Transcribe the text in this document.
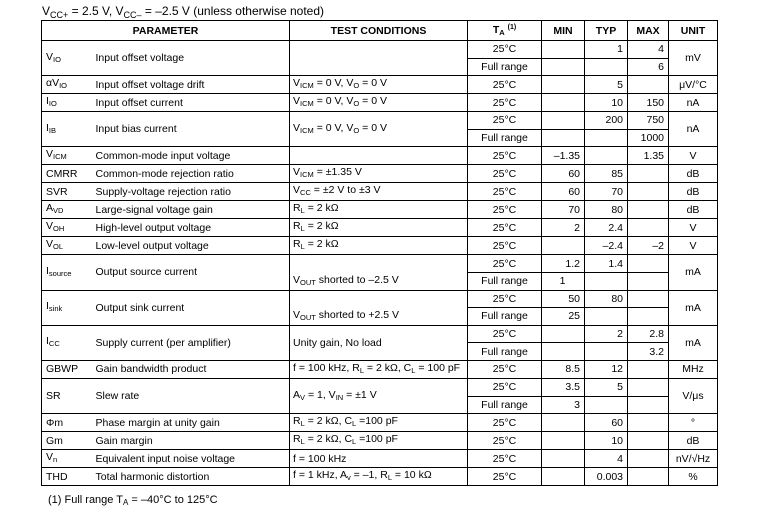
$V_{CC+} = 2.5$ V, $V_{CC-} = -2.5$ V (unless otherwise noted)
PARAMETER		TEST CONDITIONS	$T_A$ $^{(1)}$	MIN	TYP	MAX	UNIT
$V_{IO}$	Input offset voltage		25°C		1	4	mV
			Full range			6	
$\alpha V_{IO}$	Input offset voltage drift	$V_{ICM} = 0$ V, $V_O = 0$ V	25°C		5		μV/°C
$I_{IO}$	Input offset current	$V_{ICM} = 0$ V, $V_O = 0$ V	25°C		10	150	nA
$I_{IB}$	Input bias current	$V_{ICM} = 0$ V, $V_O = 0$ V	25°C		200	750	nA
			Full range			1000	
$V_{ICM}$	Common-mode input voltage		25°C	–1.35		1.35	V
CMRR	Common-mode rejection ratio	$V_{ICM} = \pm 1.35$ V	25°C	60	85		dB
SVR	Supply-voltage rejection ratio	$V_{CC} = \pm 2$ V to ±3 V	25°C	60	70		dB
$A_{VD}$	Large-signal voltage gain	$R_L = 2$ kΩ	25°C	70	80		dB
$V_{OH}$	High-level output voltage	$R_L = 2$ kΩ	25°C	2	2.4		V
$V_{OL}$	Low-level output voltage	$R_L = 2$ kΩ	25°C		–2.4	–2	V
$I_{source}$	Output source current		25°C	1.2	1.4		mA
		$V_{OUT}$ shorted to –2.5 V	Full range	1			
$I_{sink}$	Output sink current		25°C	50	80		mA
		$V_{OUT}$ shorted to +2.5 V	Full range	25			
$I_{CC}$	Supply current (per amplifier)	Unity gain, No load	25°C		2	2.8	mA
			Full range			3.2	
GBWP	Gain bandwidth product	f = 100 kHz, $R_L = 2$ kΩ, $C_L = 100$ pF	25°C	8.5	12		MHz
SR	Slew rate	$A_V = 1$, $V_{IN} = \pm 1$ V	25°C	3.5	5		V/μs
			Full range	3			
Φm	Phase margin at unity gain	$R_L = 2$ kΩ, $C_L =100$ pF	25°C		60		°
Gm	Gain margin	$R_L = 2$ kΩ, $C_L =100$ pF	25°C		10		dB
$V_n$	Equivalent input noise voltage	f = 100 kHz	25°C		4		nV/√Hz
THD	Total harmonic distortion	f = 1 kHz, $A_v = -1$, $R_L = 10$ kΩ	25°C		0.003		%
(1) Full range $T_A = -40^\circ C$ to 125°C
